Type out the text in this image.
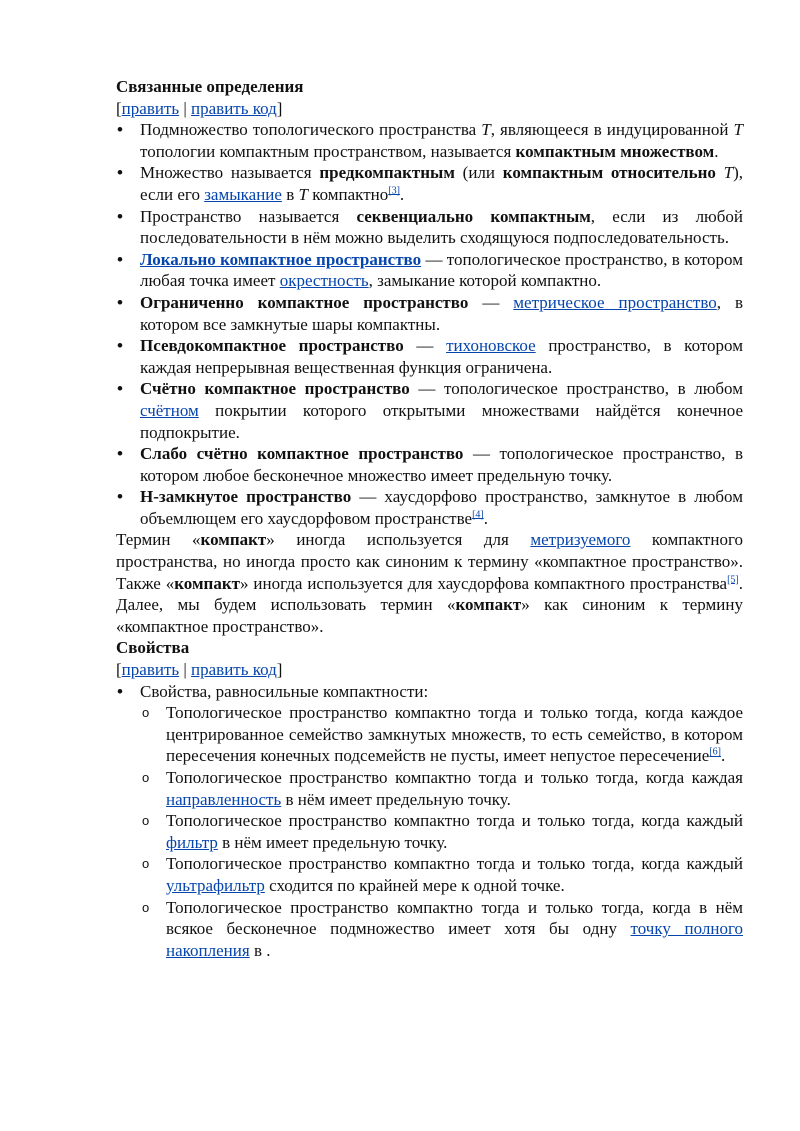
Связанные определения
[править | править код]
• Подмножество топологического пространства T, являющееся в индуцированной T топологии компактным пространством, называется компактным множеством.
• Множество называется предкомпактным (или компактным относительно T), если его замыкание в T компактно[3].
• Пространство называется секвенциально компактным, если из любой последовательности в нём можно выделить сходящуюся подпоследовательность.
• Локально компактное пространство — топологическое пространство, в котором любая точка имеет окрестность, замыкание которой компактно.
• Ограниченно компактное пространство — метрическое пространство, в котором все замкнутые шары компактны.
• Псевдокомпактное пространство — тихоновское пространство, в котором каждая непрерывная вещественная функция ограничена.
• Счётно компактное пространство — топологическое пространство, в любом счётном покрытии которого открытыми множествами найдётся конечное подпокрытие.
• Слабо счётно компактное пространство — топологическое пространство, в котором любое бесконечное множество имеет предельную точку.
• H-замкнутое пространство — хаусдорфово пространство, замкнутое в любом объемлющем его хаусдорфовом пространстве[4].

Термин «компакт» иногда используется для метризуемого компактного пространства, но иногда просто как синоним к термину «компактное пространство». Также «компакт» иногда используется для хаусдорфова компактного пространства[5]. Далее, мы будем использовать термин «компакт» как синоним к термину «компактное пространство».

Свойства
[править | править код]
• Свойства, равносильные компактности:
o Топологическое пространство компактно тогда и только тогда, когда каждое центрированное семейство замкнутых множеств, то есть семейство, в котором пересечения конечных подсемейств не пусты, имеет непустое пересечение[6].
o Топологическое пространство компактно тогда и только тогда, когда каждая направленность в нём имеет предельную точку.
o Топологическое пространство компактно тогда и только тогда, когда каждый фильтр в нём имеет предельную точку.
o Топологическое пространство компактно тогда и только тогда, когда каждый ультрафильтр сходится по крайней мере к одной точке.
o Топологическое пространство компактно тогда и только тогда, когда в нём всякое бесконечное подмножество имеет хотя бы одну точку полного накопления в .
